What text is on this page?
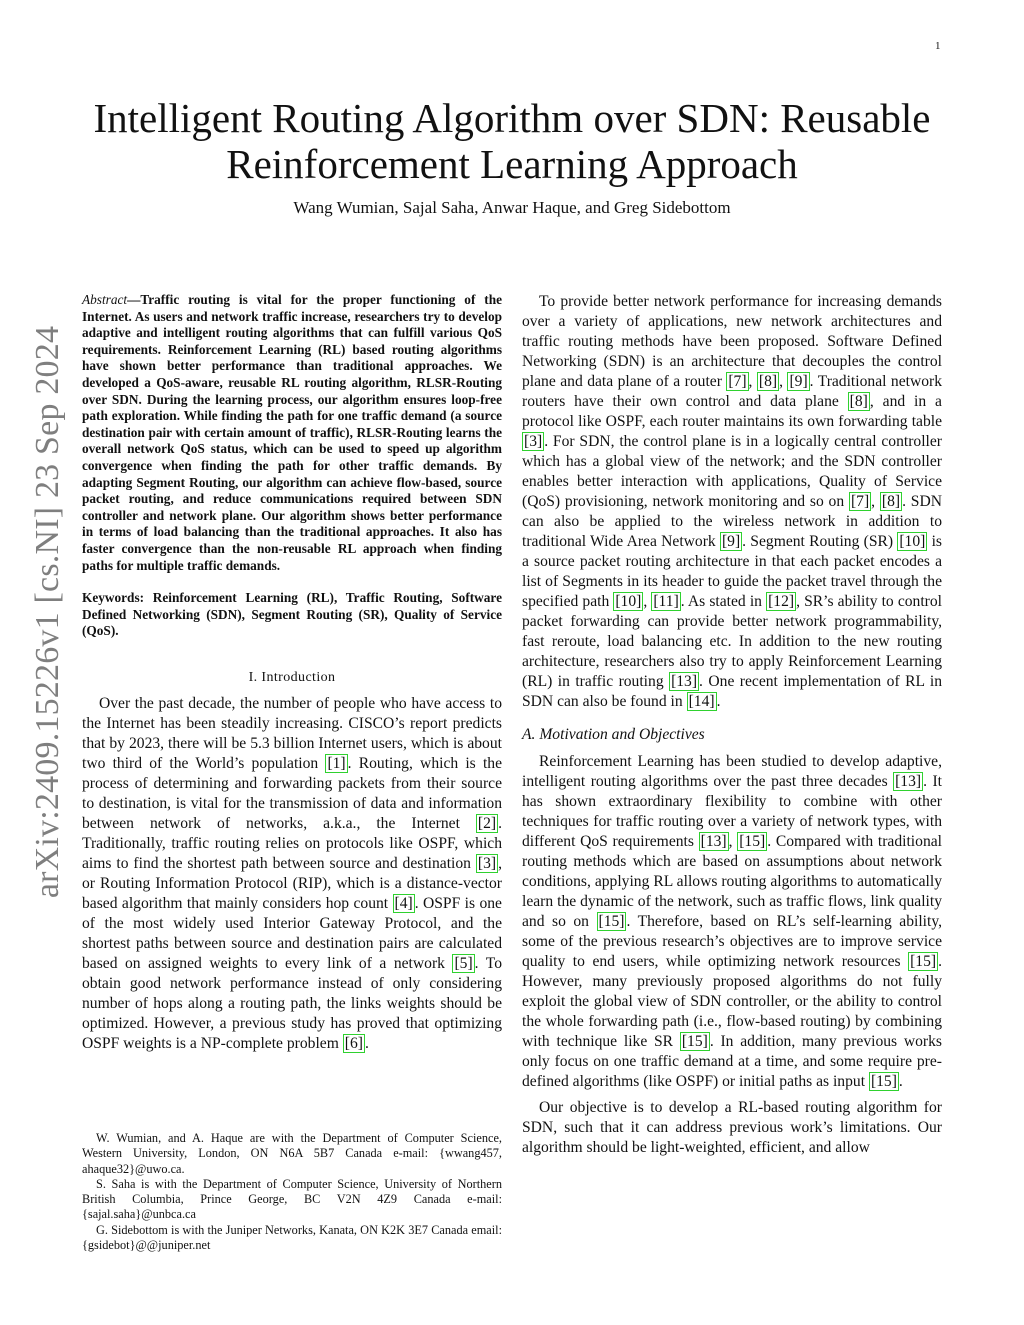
1
arXiv:2409.15226v1 [cs.NI] 23 Sep 2024
Intelligent Routing Algorithm over SDN: Reusable
Reinforcement Learning Approach
Wang Wumian, Sajal Saha, Anwar Haque, and Greg Sidebottom

Abstract—Traffic routing is vital for the proper functioning of the Internet. As users and network traffic increase, researchers try to develop adaptive and intelligent routing algorithms that can fulfill various QoS requirements. Reinforcement Learning (RL) based routing algorithms have shown better performance than traditional approaches. We developed a QoS-aware, reusable RL routing algorithm, RLSR-Routing over SDN. During the learning process, our algorithm ensures loop-free path exploration. While finding the path for one traffic demand (a source destination pair with certain amount of traffic), RLSR-Routing learns the overall network QoS status, which can be used to speed up algorithm convergence when finding the path for other traffic demands. By adapting Segment Routing, our algorithm can achieve flow-based, source packet routing, and reduce communications required between SDN controller and network plane. Our algorithm shows better performance in terms of load balancing than the traditional approaches. It also has faster convergence than the non-reusable RL approach when finding paths for multiple traffic demands.

Keywords: Reinforcement Learning (RL), Traffic Routing, Software Defined Networking (SDN), Segment Routing (SR), Quality of Service (QoS).

I. Introduction

Over the past decade, the number of people who have access to the Internet has been steadily increasing. CISCO’s report predicts that by 2023, there will be 5.3 billion Internet users, which is about two third of the World’s population [1] . Routing, which is the process of determining and forwarding packets from their source to destination, is vital for the transmission of data and information between network of networks, a.k.a., the Internet [2] . Traditionally, traffic routing relies on protocols like OSPF, which aims to find the shortest path between source and destination [3] , or Routing Information Protocol (RIP), which is a distance-vector based algorithm that mainly considers hop count [4] . OSPF is one of the most widely used Interior Gateway Protocol, and the shortest paths between source and destination pairs are calculated based on assigned weights to every link of a network [5] . To obtain good network performance instead of only considering number of hops along a routing path, the links weights should be optimized. However, a previous study has proved that optimizing OSPF weights is a NP-complete problem [6] .

W. Wumian, and A. Haque are with the Department of Computer Science, Western University, London, ON N6A 5B7 Canada e-mail: {wwang457, ahaque32}@uwo.ca.

S. Saha is with the Department of Computer Science, University of Northern British Columbia, Prince George, BC V2N 4Z9 Canada e-mail: {sajal.saha}@unbca.ca

G. Sidebottom is with the Juniper Networks, Kanata, ON K2K 3E7 Canada email: {gsidebot}@@juniper.net

To provide better network performance for increasing demands over a variety of applications, new network architectures and traffic routing methods have been proposed. Software Defined Networking (SDN) is an architecture that decouples the control plane and data plane of a router [7] , [8] , [9] . Traditional network routers have their own control and data plane [8] , and in a protocol like OSPF, each router maintains its own forwarding table [3] . For SDN, the control plane is in a logically central controller which has a global view of the network; and the SDN controller enables better interaction with applications, Quality of Service (QoS) provisioning, network monitoring and so on [7] , [8] . SDN can also be applied to the wireless network in addition to traditional Wide Area Network [9] . Segment Routing (SR) [10] is a source packet routing architecture in that each packet encodes a list of Segments in its header to guide the packet travel through the specified path [10] , [11] . As stated in [12] , SR’s ability to control packet forwarding can provide better network programmability, fast reroute, load balancing etc. In addition to the new routing architecture, researchers also try to apply Reinforcement Learning (RL) in traffic routing [13] . One recent implementation of RL in SDN can also be found in [14] .

A. Motivation and Objectives

Reinforcement Learning has been studied to develop adaptive, intelligent routing algorithms over the past three decades [13] . It has shown extraordinary flexibility to combine with other techniques for traffic routing over a variety of network types, with different QoS requirements [13] , [15] . Compared with traditional routing methods which are based on assumptions about network conditions, applying RL allows routing algorithms to automatically learn the dynamic of the network, such as traffic flows, link quality and so on [15] . Therefore, based on RL’s self-learning ability, some of the previous research’s objectives are to improve service quality to end users, while optimizing network resources [15] . However, many previously proposed algorithms do not fully exploit the global view of SDN controller, or the ability to control the whole forwarding path (i.e., flow-based routing) by combining with technique like SR [15] . In addition, many previous works only focus on one traffic demand at a time, and some require pre-defined algorithms (like OSPF) or initial paths as input [15] .

Our objective is to develop a RL-based routing algorithm for SDN, such that it can address previous work’s limitations. Our algorithm should be light-weighted, efficient, and allow
